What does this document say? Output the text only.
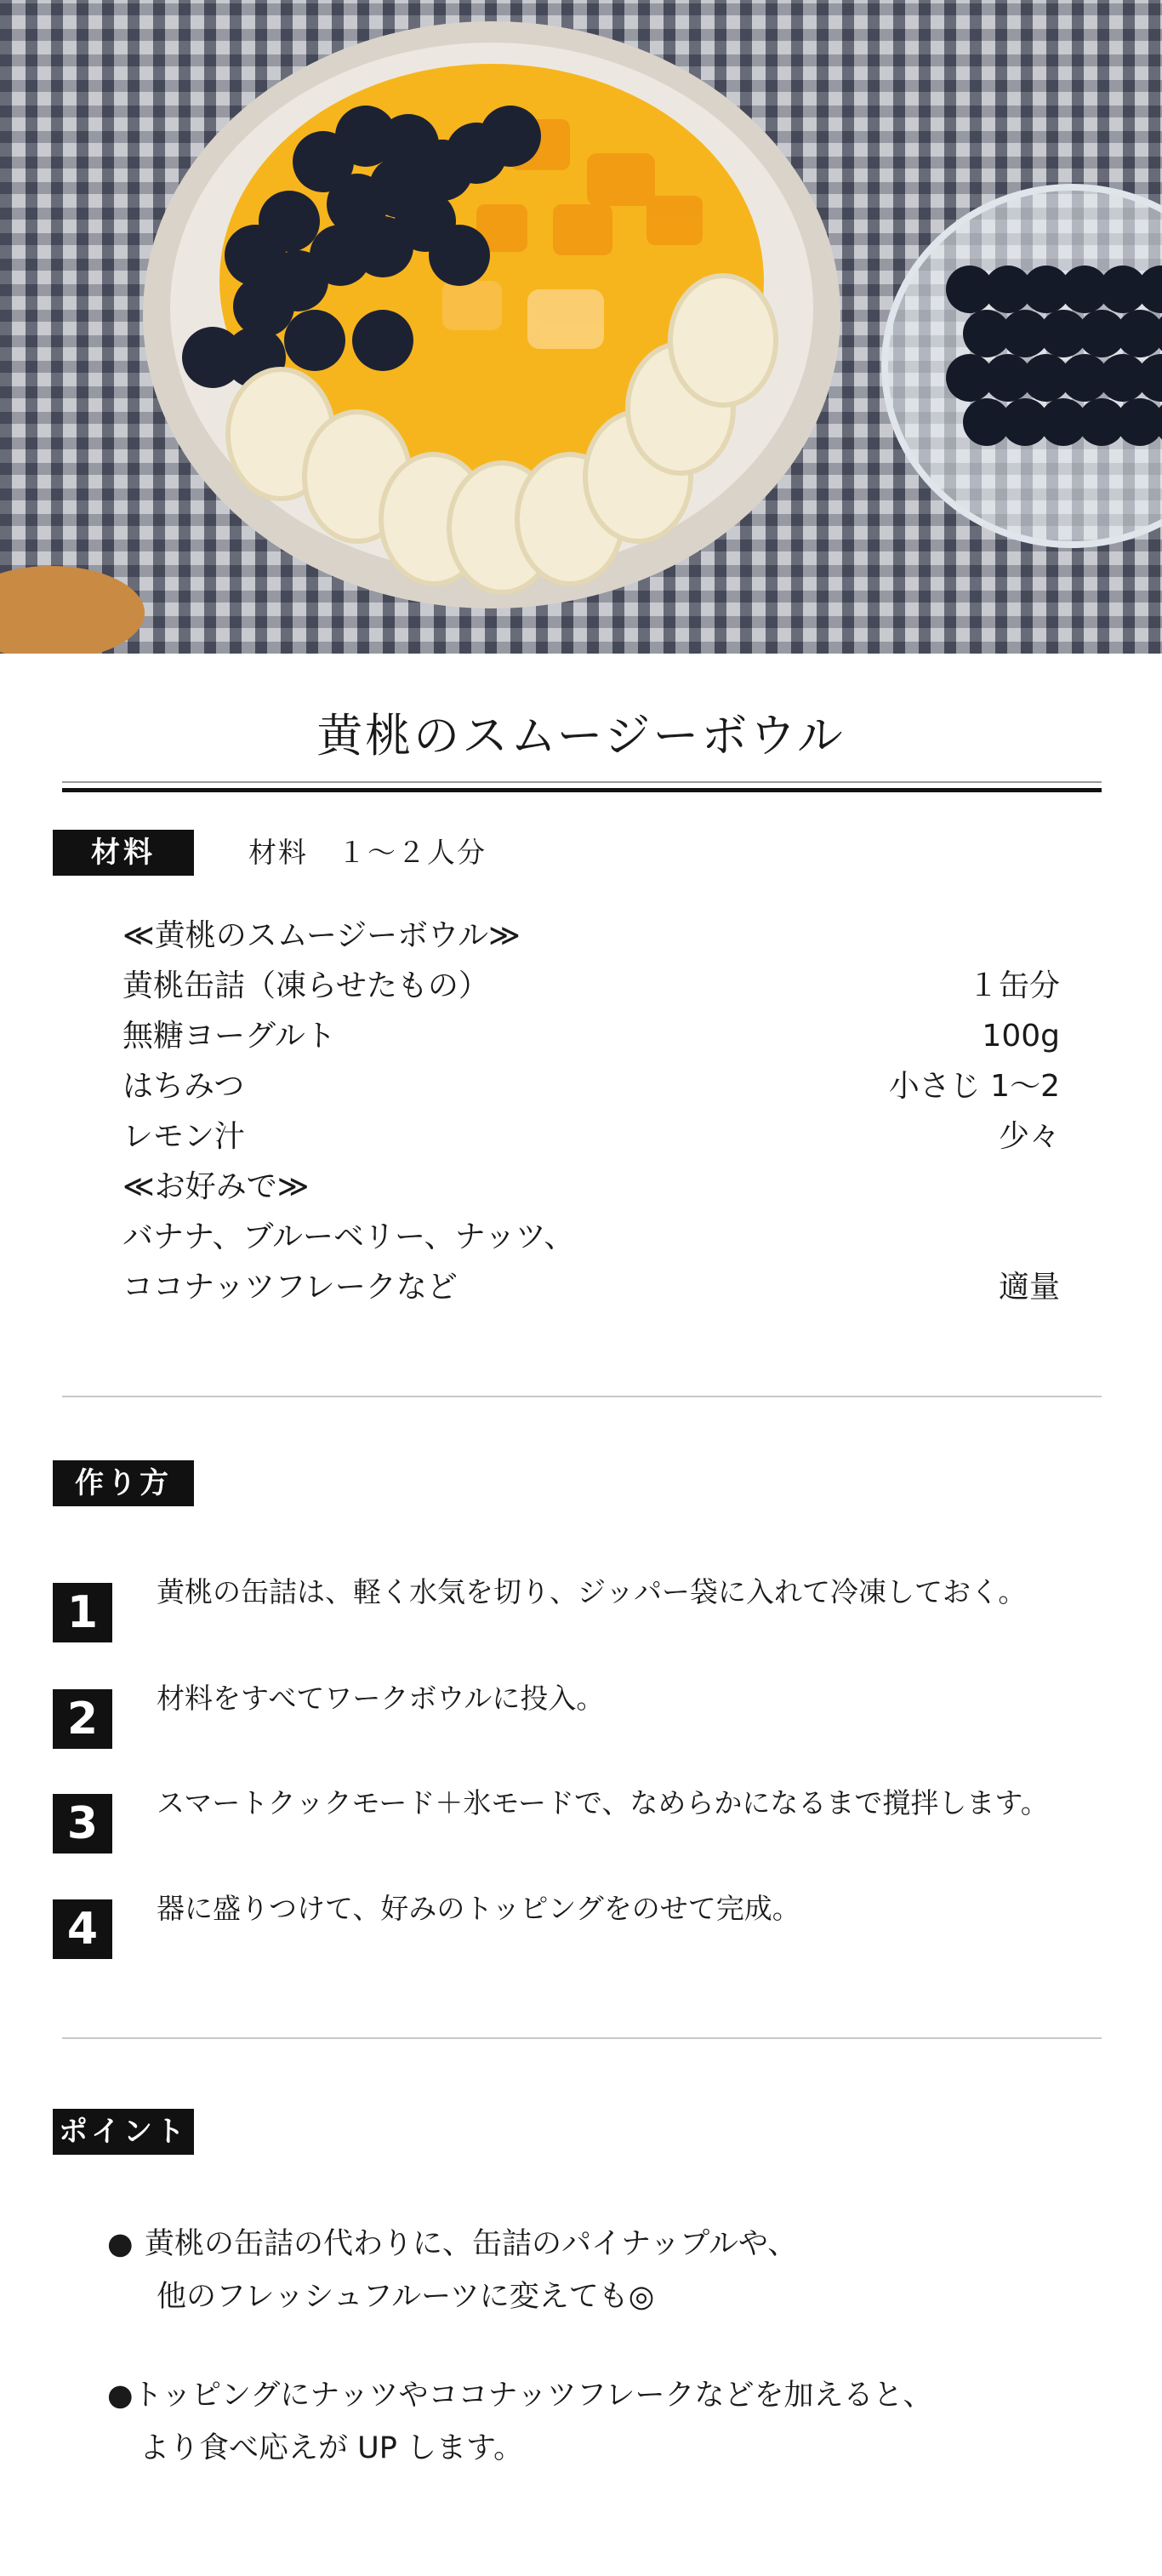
黄桃のスムージーボウル
材料	材料　１～２人分
≪黄桃のスムージーボウル≫
黄桃缶詰（凍らせたもの）	１缶分
無糖ヨーグルト	100g
はちみつ	小さじ 1～2
レモン汁	少々
≪お好みで≫
バナナ、ブルーベリー、ナッツ、
ココナッツフレークなど	適量
作り方
1	黄桃の缶詰は、軽く水気を切り、ジッパー袋に入れて冷凍しておく。
2	材料をすべてワークボウルに投入。
3	スマートクックモード＋氷モードで、なめらかになるまで撹拌します。
4	器に盛りつけて、好みのトッピングをのせて完成。
ポイント
● 黄桃の缶詰の代わりに、缶詰のパイナップルや、
他のフレッシュフルーツに変えても◎
●トッピングにナッツやココナッツフレークなどを加えると、
より食べ応えが UP します。
